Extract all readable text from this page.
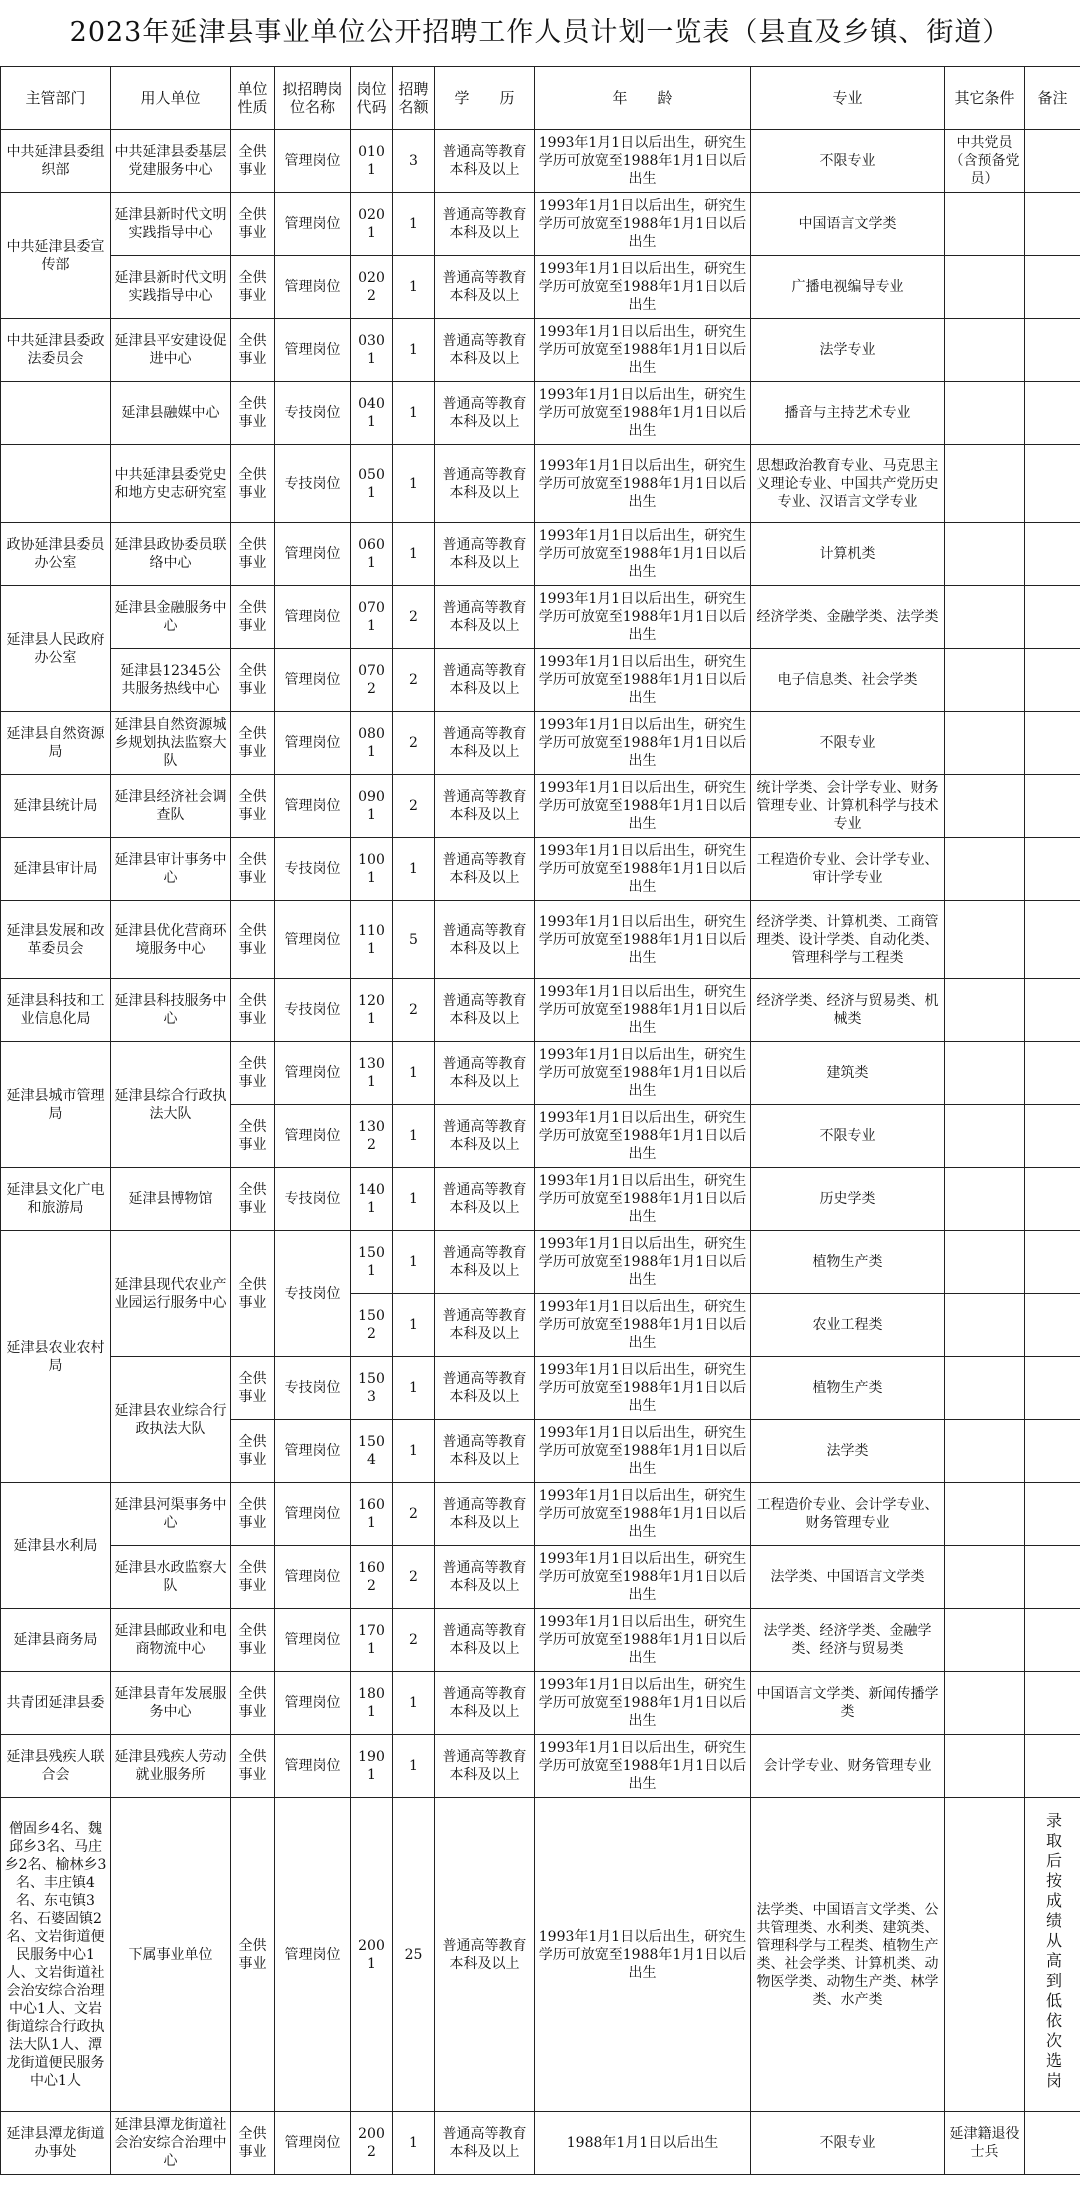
2023年延津县事业单位公开招聘工作人员计划一览表（县直及乡镇、街道）
主管部门	用人单位	单位性质	拟招聘岗位名称	岗位代码	招聘名额	学　　历	年　　龄	专业	其它条件	备注
中共延津县委组织部	中共延津县委基层党建服务中心	全供事业	管理岗位	0101	3	普通高等教育本科及以上	1993年1月1日以后出生，研究生学历可放宽至1988年1月1日以后出生	不限专业	中共党员（含预备党员）	
中共延津县委宣传部	延津县新时代文明实践指导中心	全供事业	管理岗位	0201	1	普通高等教育本科及以上	1993年1月1日以后出生，研究生学历可放宽至1988年1月1日以后出生	中国语言文学类		
	延津县新时代文明实践指导中心	全供事业	管理岗位	0202	1	普通高等教育本科及以上	1993年1月1日以后出生，研究生学历可放宽至1988年1月1日以后出生	广播电视编导专业		
中共延津县委政法委员会	延津县平安建设促进中心	全供事业	管理岗位	0301	1	普通高等教育本科及以上	1993年1月1日以后出生，研究生学历可放宽至1988年1月1日以后出生	法学专业		
	延津县融媒中心	全供事业	专技岗位	0401	1	普通高等教育本科及以上	1993年1月1日以后出生，研究生学历可放宽至1988年1月1日以后出生	播音与主持艺术专业		
	中共延津县委党史和地方史志研究室	全供事业	专技岗位	0501	1	普通高等教育本科及以上	1993年1月1日以后出生，研究生学历可放宽至1988年1月1日以后出生	思想政治教育专业、马克思主义理论专业、中国共产党历史专业、汉语言文学专业		
政协延津县委员办公室	延津县政协委员联络中心	全供事业	管理岗位	0601	1	普通高等教育本科及以上	1993年1月1日以后出生，研究生学历可放宽至1988年1月1日以后出生	计算机类		
延津县人民政府办公室	延津县金融服务中心	全供事业	管理岗位	0701	2	普通高等教育本科及以上	1993年1月1日以后出生，研究生学历可放宽至1988年1月1日以后出生	经济学类、金融学类、法学类		
	延津县12345公共服务热线中心	全供事业	管理岗位	0702	2	普通高等教育本科及以上	1993年1月1日以后出生，研究生学历可放宽至1988年1月1日以后出生	电子信息类、社会学类		
延津县自然资源局	延津县自然资源城乡规划执法监察大队	全供事业	管理岗位	0801	2	普通高等教育本科及以上	1993年1月1日以后出生，研究生学历可放宽至1988年1月1日以后出生	不限专业		
延津县统计局	延津县经济社会调查队	全供事业	管理岗位	0901	2	普通高等教育本科及以上	1993年1月1日以后出生，研究生学历可放宽至1988年1月1日以后出生	统计学类、会计学专业、财务管理专业、计算机科学与技术专业		
延津县审计局	延津县审计事务中心	全供事业	专技岗位	1001	1	普通高等教育本科及以上	1993年1月1日以后出生，研究生学历可放宽至1988年1月1日以后出生	工程造价专业、会计学专业、审计学专业		
延津县发展和改革委员会	延津县优化营商环境服务中心	全供事业	管理岗位	1101	5	普通高等教育本科及以上	1993年1月1日以后出生，研究生学历可放宽至1988年1月1日以后出生	经济学类、计算机类、工商管理类、设计学类、自动化类、管理科学与工程类		
延津县科技和工业信息化局	延津县科技服务中心	全供事业	专技岗位	1201	2	普通高等教育本科及以上	1993年1月1日以后出生，研究生学历可放宽至1988年1月1日以后出生	经济学类、经济与贸易类、机械类		
延津县城市管理局	延津县综合行政执法大队	全供事业	管理岗位	1301	1	普通高等教育本科及以上	1993年1月1日以后出生，研究生学历可放宽至1988年1月1日以后出生	建筑类		
		全供事业	管理岗位	1302	1	普通高等教育本科及以上	1993年1月1日以后出生，研究生学历可放宽至1988年1月1日以后出生	不限专业		
延津县文化广电和旅游局	延津县博物馆	全供事业	专技岗位	1401	1	普通高等教育本科及以上	1993年1月1日以后出生，研究生学历可放宽至1988年1月1日以后出生	历史学类		
延津县农业农村局	延津县现代农业产业园运行服务中心	全供事业	专技岗位	1501	1	普通高等教育本科及以上	1993年1月1日以后出生，研究生学历可放宽至1988年1月1日以后出生	植物生产类		
				1502	1	普通高等教育本科及以上	1993年1月1日以后出生，研究生学历可放宽至1988年1月1日以后出生	农业工程类		
	延津县农业综合行政执法大队	全供事业	专技岗位	1503	1	普通高等教育本科及以上	1993年1月1日以后出生，研究生学历可放宽至1988年1月1日以后出生	植物生产类		
		全供事业	管理岗位	1504	1	普通高等教育本科及以上	1993年1月1日以后出生，研究生学历可放宽至1988年1月1日以后出生	法学类		
延津县水利局	延津县河渠事务中心	全供事业	管理岗位	1601	2	普通高等教育本科及以上	1993年1月1日以后出生，研究生学历可放宽至1988年1月1日以后出生	工程造价专业、会计学专业、财务管理专业		
	延津县水政监察大队	全供事业	管理岗位	1602	2	普通高等教育本科及以上	1993年1月1日以后出生，研究生学历可放宽至1988年1月1日以后出生	法学类、中国语言文学类		
延津县商务局	延津县邮政业和电商物流中心	全供事业	管理岗位	1701	2	普通高等教育本科及以上	1993年1月1日以后出生，研究生学历可放宽至1988年1月1日以后出生	法学类、经济学类、金融学类、经济与贸易类		
共青团延津县委	延津县青年发展服务中心	全供事业	管理岗位	1801	1	普通高等教育本科及以上	1993年1月1日以后出生，研究生学历可放宽至1988年1月1日以后出生	中国语言文学类、新闻传播学类		
延津县残疾人联合会	延津县残疾人劳动就业服务所	全供事业	管理岗位	1901	1	普通高等教育本科及以上	1993年1月1日以后出生，研究生学历可放宽至1988年1月1日以后出生	会计学专业、财务管理专业		
僧固乡4名、魏邱乡3名、马庄乡2名、榆林乡3名、丰庄镇4名、东屯镇3名、石婆固镇2名、文岩街道便民服务中心1人、文岩街道社会治安综合治理中心1人、文岩街道综合行政执法大队1人、潭龙街道便民服务中心1人	下属事业单位	全供事业	管理岗位	2001	25	普通高等教育本科及以上	1993年1月1日以后出生，研究生学历可放宽至1988年1月1日以后出生	法学类、中国语言文学类、公共管理类、水利类、建筑类、管理科学与工程类、植物生产类、社会学类、计算机类、动物医学类、动物生产类、林学类、水产类		录取后按成绩从高到低依次选岗
延津县潭龙街道办事处	延津县潭龙街道社会治安综合治理中心	全供事业	管理岗位	2002	1	普通高等教育本科及以上	1988年1月1日以后出生	不限专业	延津籍退役士兵	
